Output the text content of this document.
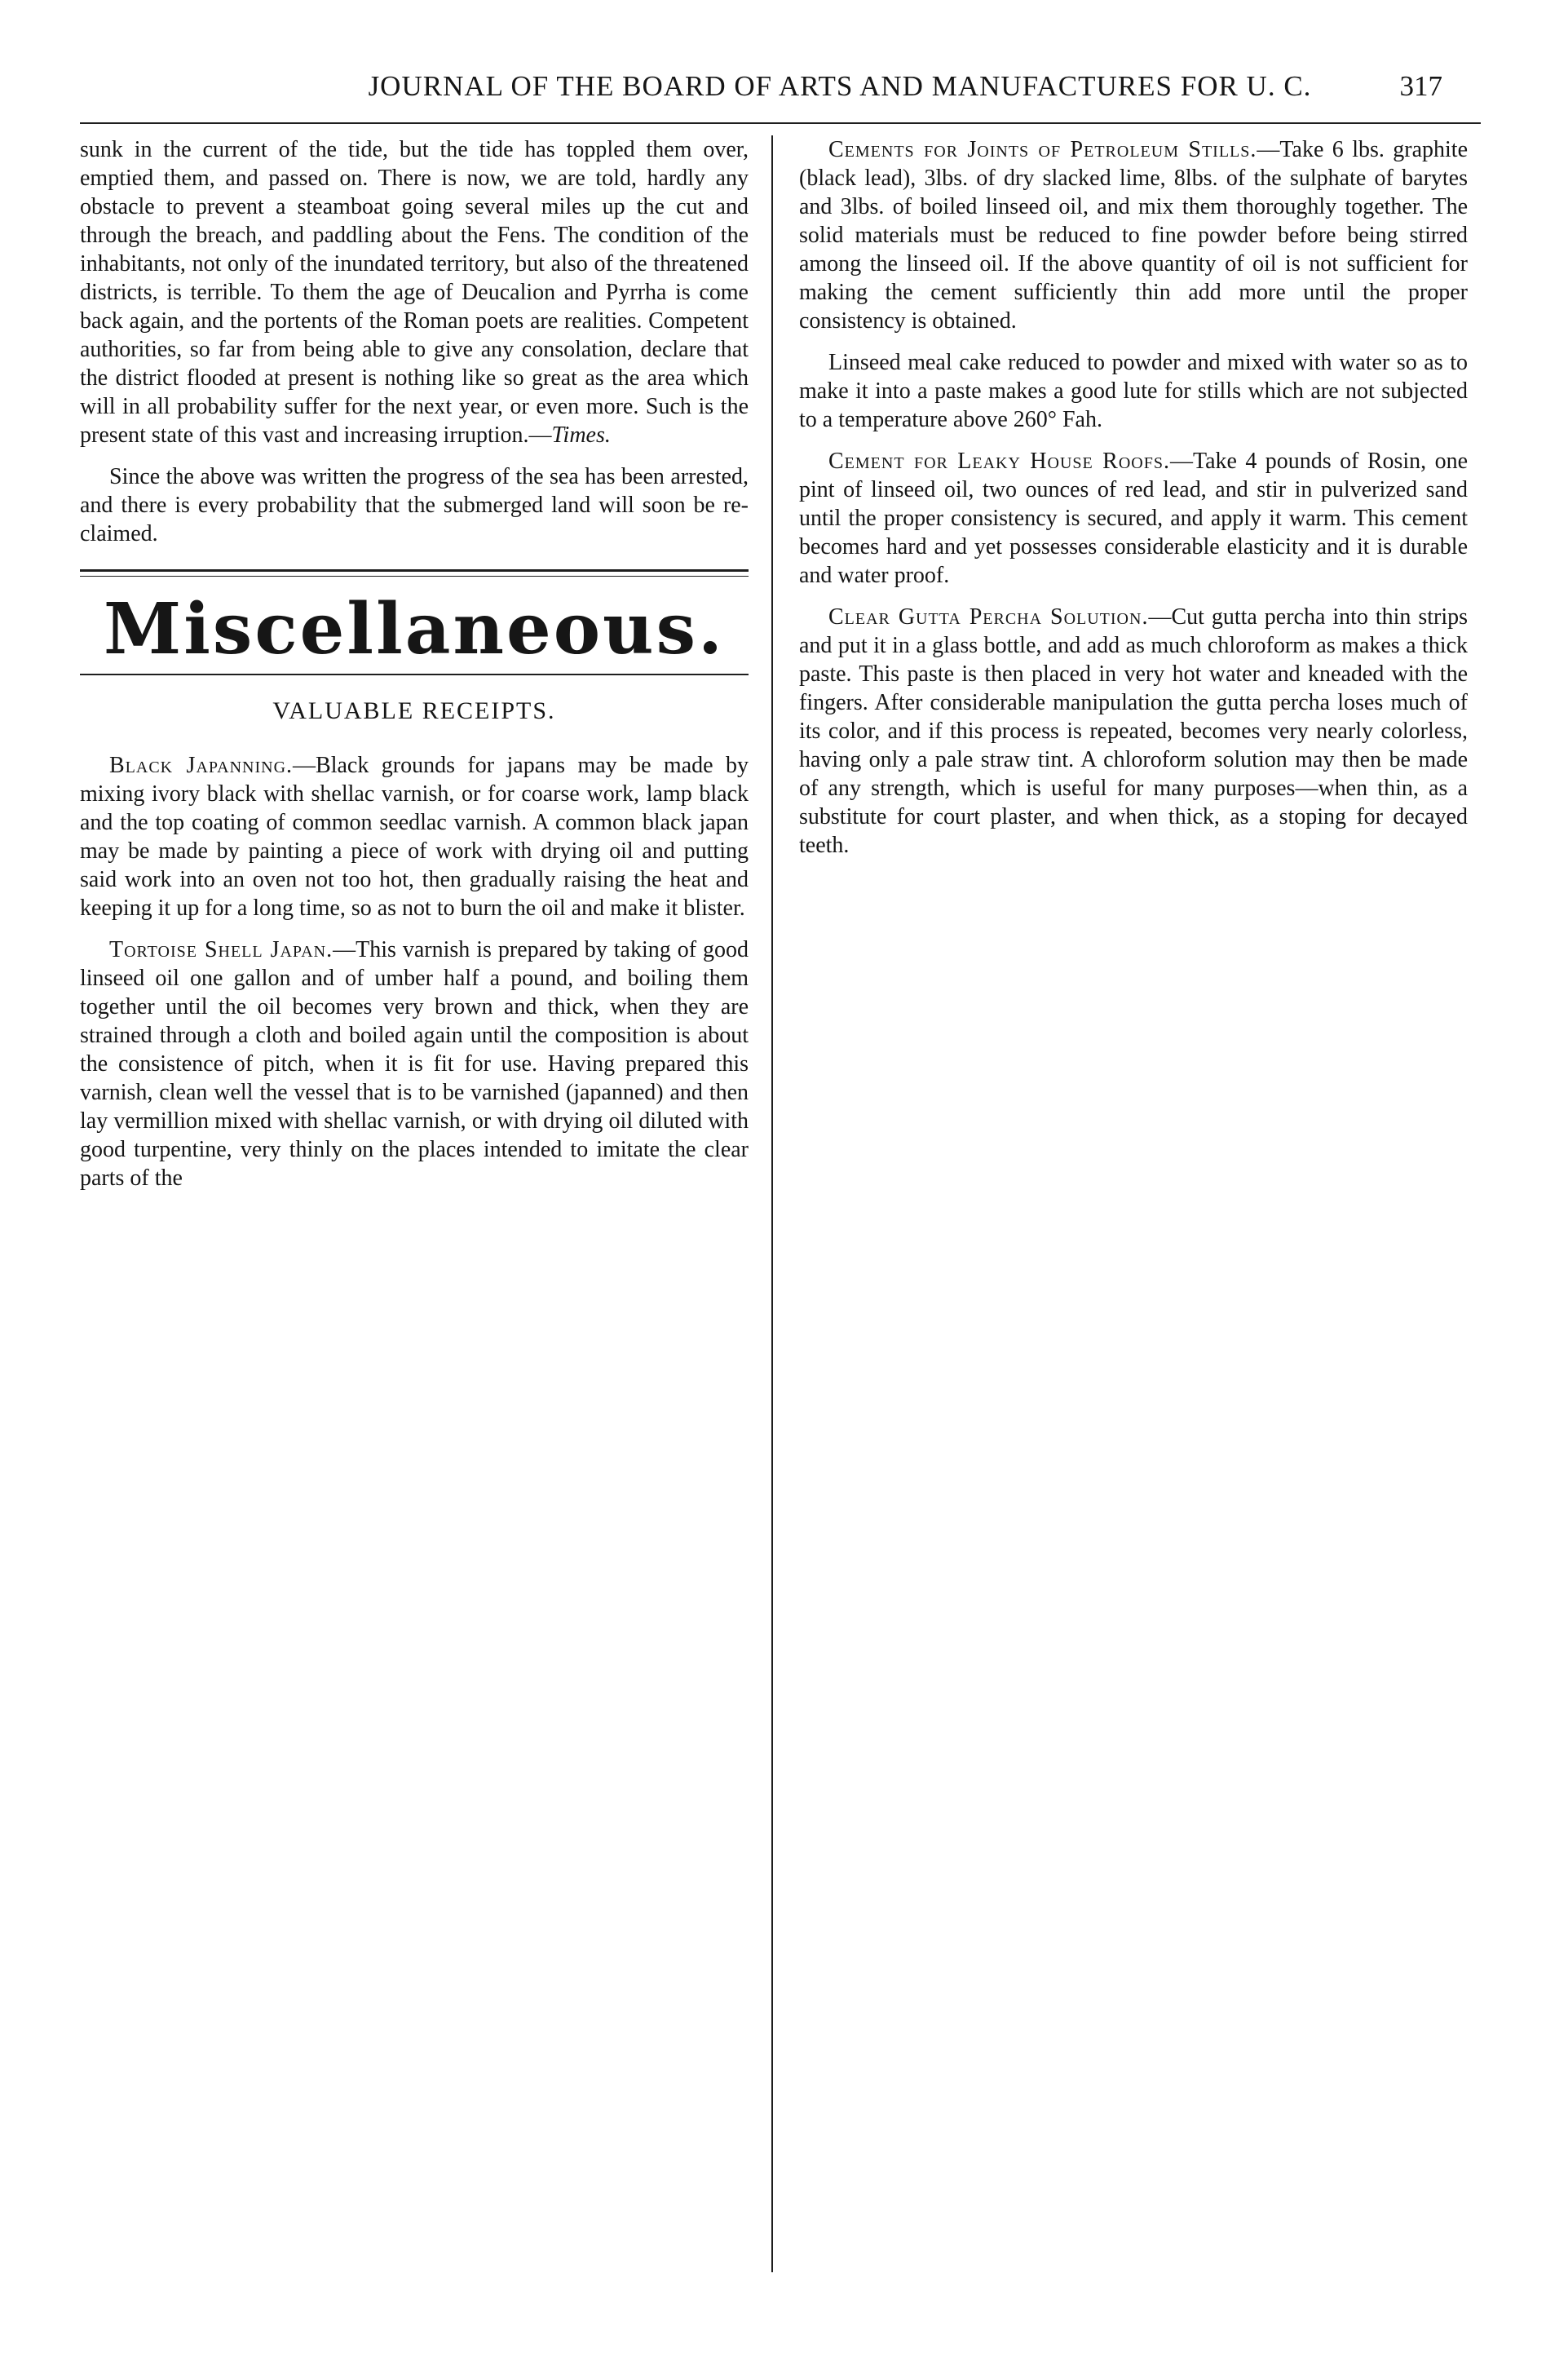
JOURNAL OF THE BOARD OF ARTS AND MANUFACTURES FOR U. C.	317

sunk in the current of the tide, but the tide has toppled them over, emptied them, and passed on. There is now, we are told, hardly any obstacle to prevent a steamboat going several miles up the cut and through the breach, and paddling about the Fens. The condition of the inhabitants, not only of the inundated territory, but also of the threatened districts, is terrible. To them the age of Deucalion and Pyrrha is come back again, and the portents of the Roman poets are realities. Competent authorities, so far from being able to give any consolation, declare that the district flooded at present is nothing like so great as the area which will in all probability suffer for the next year, or even more. Such is the present state of this vast and increasing irruption.—Times.

Since the above was written the progress of the sea has been arrested, and there is every probability that the submerged land will soon be re-claimed.

Miscellaneous.
VALUABLE RECEIPTS.

Black Japanning.—Black grounds for japans may be made by mixing ivory black with shellac varnish, or for coarse work, lamp black and the top coating of common seedlac varnish. A common black japan may be made by painting a piece of work with drying oil and putting said work into an oven not too hot, then gradually raising the heat and keeping it up for a long time, so as not to burn the oil and make it blister.

Tortoise Shell Japan.—This varnish is prepared by taking of good linseed oil one gallon and of umber half a pound, and boiling them together until the oil becomes very brown and thick, when they are strained through a cloth and boiled again until the composition is about the consistence of pitch, when it is fit for use. Having prepared this varnish, clean well the vessel that is to be varnished (japanned) and then lay vermillion mixed with shellac varnish, or with drying oil diluted with good turpentine, very thinly on the places intended to imitate the clear parts of the

Cements for Joints of Petroleum Stills.—Take 6 lbs. graphite (black lead), 3lbs. of dry slacked lime, 8lbs. of the sulphate of barytes and 3lbs. of boiled linseed oil, and mix them thoroughly together. The solid materials must be reduced to fine powder before being stirred among the linseed oil. If the above quantity of oil is not sufficient for making the cement sufficiently thin add more until the proper consistency is obtained.

Linseed meal cake reduced to powder and mixed with water so as to make it into a paste makes a good lute for stills which are not subjected to a temperature above 260° Fah.

Cement for Leaky House Roofs.—Take 4 pounds of Rosin, one pint of linseed oil, two ounces of red lead, and stir in pulverized sand until the proper consistency is secured, and apply it warm. This cement becomes hard and yet possesses considerable elasticity and it is durable and water proof.

Clear Gutta Percha Solution.—Cut gutta percha into thin strips and put it in a glass bottle, and add as much chloroform as makes a thick paste. This paste is then placed in very hot water and kneaded with the fingers. After considerable manipulation the gutta percha loses much of its color, and if this process is repeated, becomes very nearly colorless, having only a pale straw tint. A chloroform solution may then be made of any strength, which is useful for many purposes—when thin, as a substitute for court plaster, and when thick, as a stoping for decayed teeth.
